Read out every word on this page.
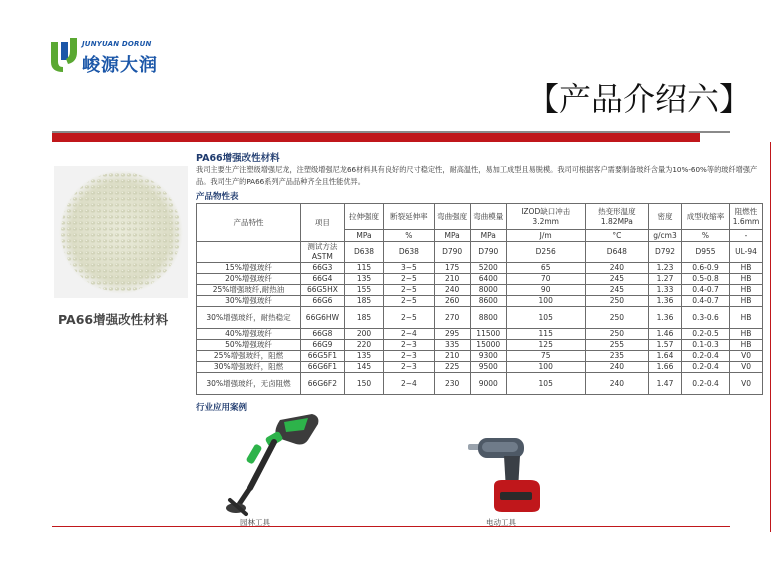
JUNYUAN DORUN
峻源大润
【产品介绍六】
PA66增强改性材料
PA66增强改性材料
我司主要生产注塑级增强尼龙，注塑级增强尼龙66材料具有良好的尺寸稳定性，耐高温性，易加工成型且易脱模。我司可根据客户需要制备玻纤含量为10%-60%等的玻纤增强产品。我司生产的PA66系列产品品种齐全且性能优异。
产品物性表
产品特性	项目	拉伸强度	断裂延伸率	弯曲强度	弯曲模量	IZOD缺口冲击 3.2mm	热变形温度 1.82MPa	密度	成型收缩率	阻燃性 1.6mm
		MPa	%	MPa	MPa	J/m	°C	g/cm3	%	-
	测试方法ASTM	D638	D638	D790	D790	D256	D648	D792	D955	UL-94
15%增强玻纤	66G3	115	3~5	175	5200	65	240	1.23	0.6-0.9	HB
20%增强玻纤	66G4	135	2~5	210	6400	70	245	1.27	0.5-0.8	HB
25%增强玻纤,耐热油	66G5HX	155	2~5	240	8000	90	245	1.33	0.4-0.7	HB
30%增强玻纤	66G6	185	2~5	260	8600	100	250	1.36	0.4-0.7	HB
30%增强玻纤，耐热稳定	66G6HW	185	2~5	270	8800	105	250	1.36	0.3-0.6	HB
40%增强玻纤	66G8	200	2~4	295	11500	115	250	1.46	0.2-0.5	HB
50%增强玻纤	66G9	220	2~3	335	15000	125	255	1.57	0.1-0.3	HB
25%增强玻纤，阻燃	66G5F1	135	2~3	210	9300	75	235	1.64	0.2-0.4	V0
30%增强玻纤，阻燃	66G6F1	145	2~3	225	9500	100	240	1.66	0.2-0.4	V0
30%增强玻纤，无卤阻燃	66G6F2	150	2~4	230	9000	105	240	1.47	0.2-0.4	V0
行业应用案例
园林工具	电动工具
